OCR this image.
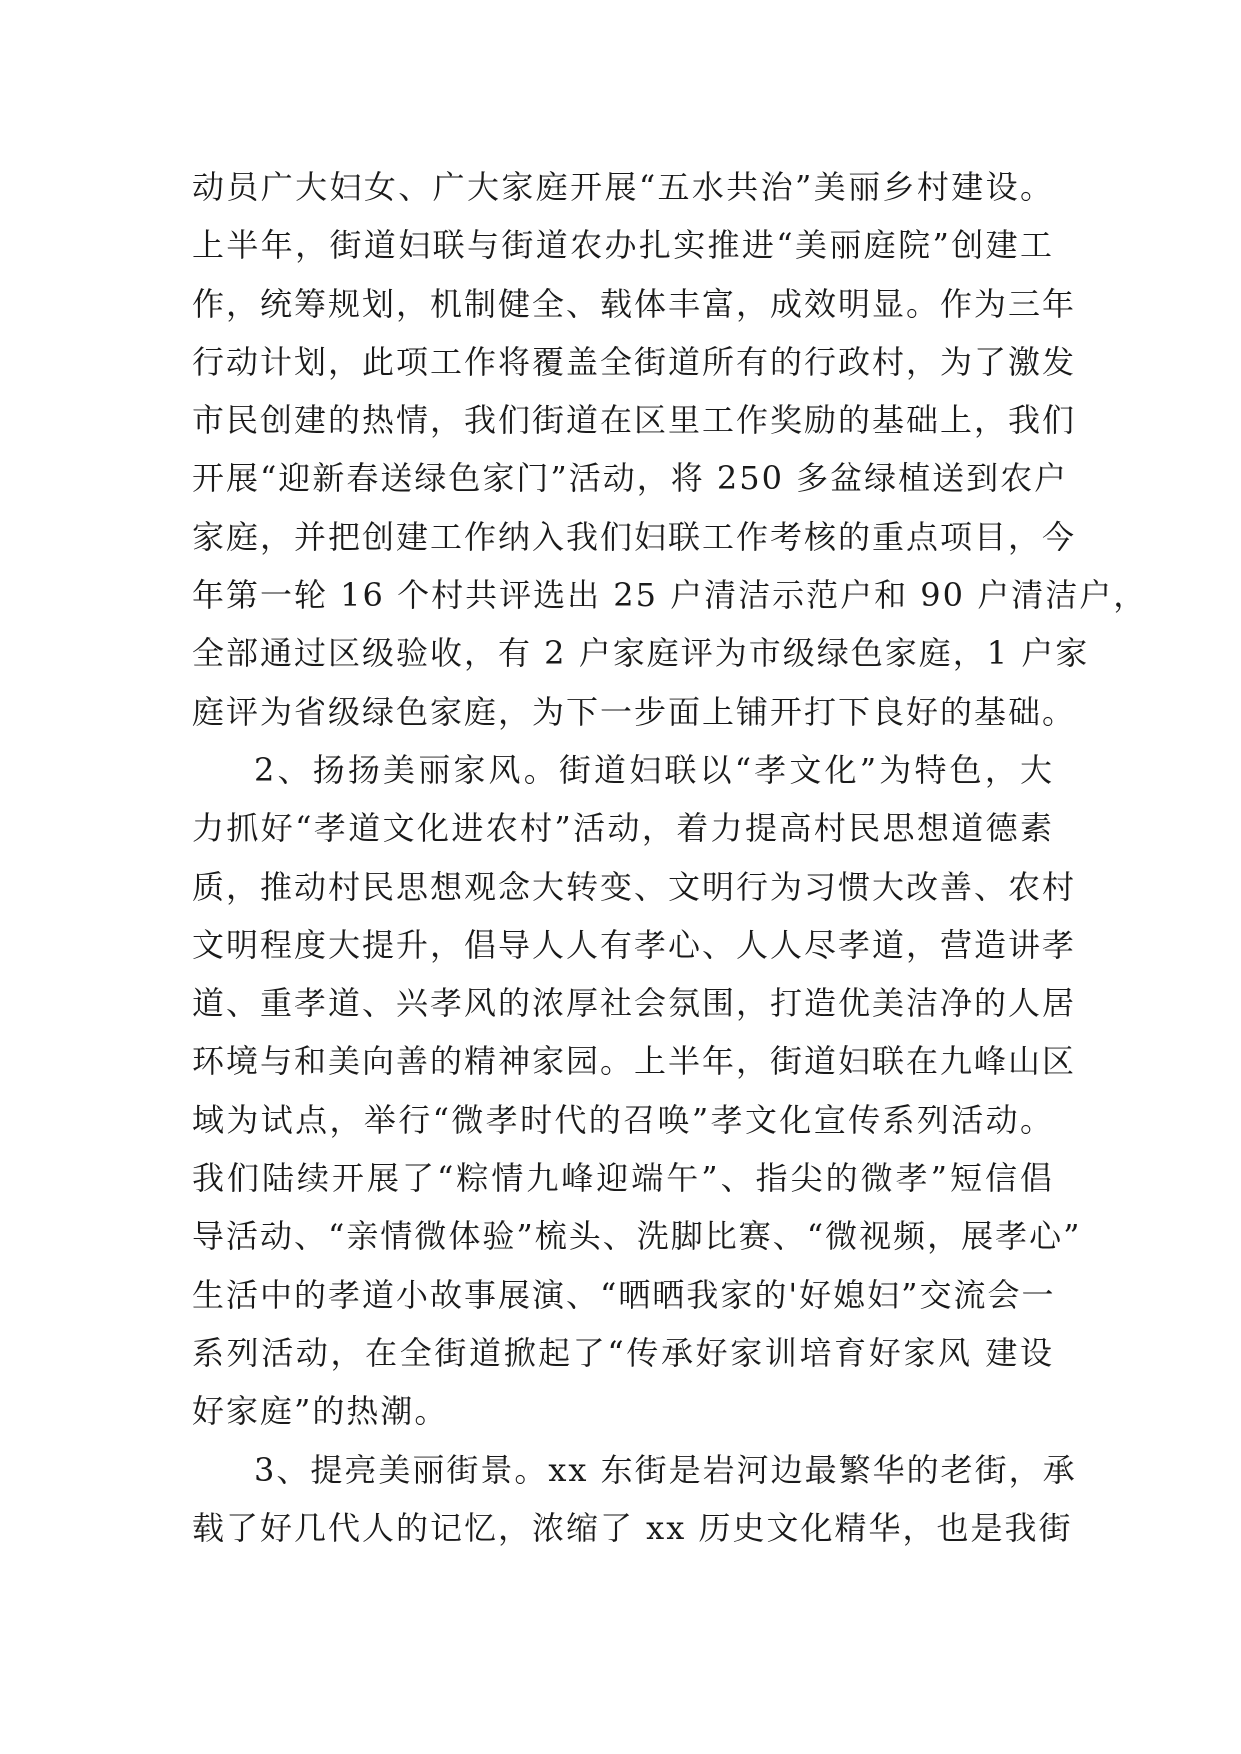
动员广大妇女、广大家庭开展“五水共治”美丽乡村建设。
上半年，街道妇联与街道农办扎实推进“美丽庭院”创建工
作，统筹规划，机制健全、载体丰富，成效明显。作为三年
行动计划，此项工作将覆盖全街道所有的行政村，为了激发
市民创建的热情，我们街道在区里工作奖励的基础上，我们
开展“迎新春送绿色家门”活动，将 250 多盆绿植送到农户
家庭，并把创建工作纳入我们妇联工作考核的重点项目，今
年第一轮 16 个村共评选出 25 户清洁示范户和 90 户清洁户，
全部通过区级验收，有 2 户家庭评为市级绿色家庭，1 户家
庭评为省级绿色家庭，为下一步面上铺开打下良好的基础。
2、扬扬美丽家风。街道妇联以“孝文化”为特色，大
力抓好“孝道文化进农村”活动，着力提高村民思想道德素
质，推动村民思想观念大转变、文明行为习惯大改善、农村
文明程度大提升，倡导人人有孝心、人人尽孝道，营造讲孝
道、重孝道、兴孝风的浓厚社会氛围，打造优美洁净的人居
环境与和美向善的精神家园。上半年，街道妇联在九峰山区
域为试点，举行“微孝时代的召唤”孝文化宣传系列活动。
我们陆续开展了“粽情九峰迎端午”、指尖的微孝”短信倡
导活动、“亲情微体验”梳头、洗脚比赛、“微视频，展孝心”
生活中的孝道小故事展演、“晒晒我家的'好媳妇”交流会一
系列活动，在全街道掀起了“传承好家训培育好家风 建设
好家庭”的热潮。
3、提亮美丽街景。xx 东街是岩河边最繁华的老街，承
载了好几代人的记忆，浓缩了 xx 历史文化精华，也是我街
